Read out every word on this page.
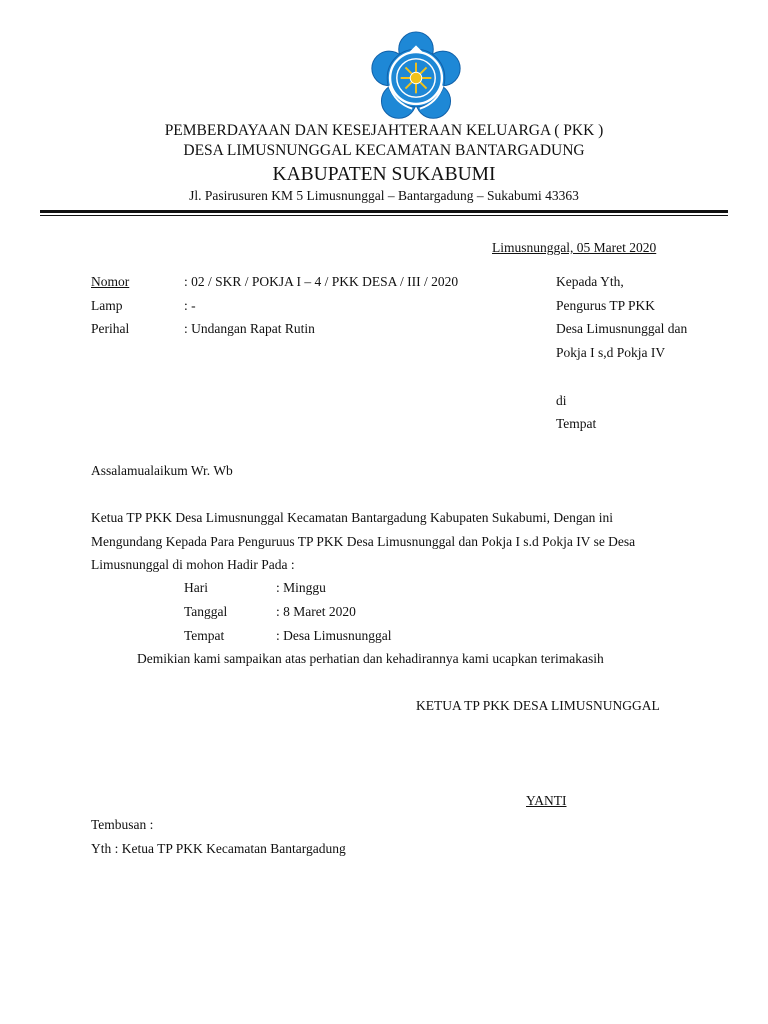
PEMBERDAYAAN DAN KESEJAHTERAAN KELUARGA ( PKK )
DESA LIMUSNUNGGAL KECAMATAN BANTARGADUNG
KABUPATEN SUKABUMI
Jl. Pasirusuren KM 5 Limusnunggal – Bantargadung – Sukabumi 43363
Limusnunggal, 05 Maret 2020
Nomor	: 02 / SKR / POKJA I – 4 / PKK DESA / III / 2020
Lamp	: -
Perihal	: Undangan Rapat Rutin
Kepada Yth,
Pengurus TP PKK
Desa Limusnunggal dan
Pokja I s,d Pokja IV
di
Tempat
Assalamualaikum Wr. Wb
Ketua TP PKK Desa Limusnunggal Kecamatan Bantargadung Kabupaten Sukabumi, Dengan ini
Mengundang Kepada Para Penguruus TP PKK Desa Limusnunggal dan Pokja I s.d Pokja IV se Desa
Limusnunggal di mohon Hadir Pada :
Hari	: Minggu
Tanggal	: 8 Maret 2020
Tempat	: Desa Limusnunggal
Demikian kami sampaikan atas perhatian dan kehadirannya kami ucapkan terimakasih
KETUA TP PKK DESA LIMUSNUNGGAL
YANTI
Tembusan :
Yth : Ketua TP PKK Kecamatan Bantargadung
